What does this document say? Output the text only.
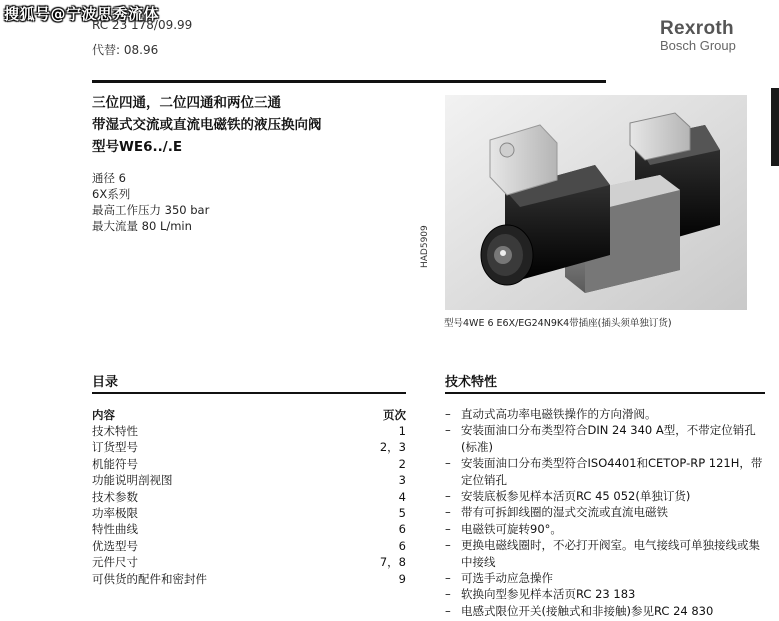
搜狐号@宁波思秀流体
RC 23 178/09.99
代替: 08.96
Rexroth
Bosch Group
三位四通，二位四通和两位三通
带湿式交流或直流电磁铁的液压换向阀
型号WE6../.E
通径 6
6X系列
最高工作压力 350 bar
最大流量 80 L/min	HAD5909
型号4WE 6 E6X/EG24N9K4带插座(插头须单独订货)
目录
内容	页次
技术特性	1
订货型号	2，3
机能符号	2
功能说明剖视图	3
技术参数	4
功率极限	5
特性曲线	6
优选型号	6
元件尺寸	7，8
可供货的配件和密封件	9
技术特性
– 直动式高功率电磁铁操作的方向滑阀。
– 安装面油口分布类型符合DIN 24 340 A型，不带定位销孔(标准)
– 安装面油口分布类型符合ISO4401和CETOP-RP 121H，带定位销孔
– 安装底板参见样本活页RC 45 052(单独订货)
– 带有可拆卸线圈的湿式交流或直流电磁铁
– 电磁铁可旋转90°。
– 更换电磁线圈时，不必打开阀室。电气接线可单独接线或集中接线
– 可选手动应急操作
– 软换向型参见样本活页RC 23 183
– 电感式限位开关(接触式和非接触)参见RC 24 830
